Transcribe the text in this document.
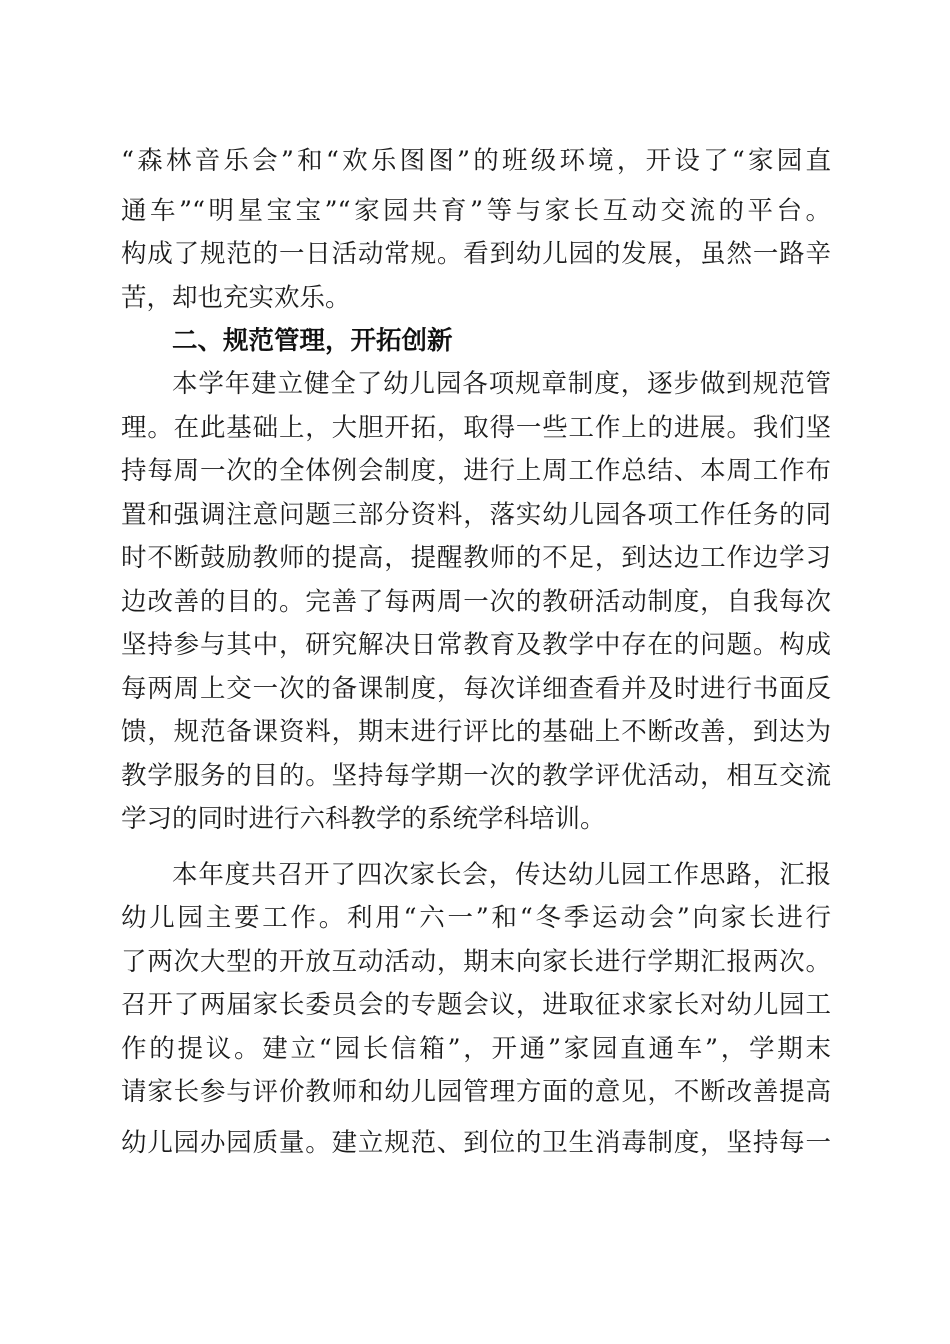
“森林音乐会”和“欢乐图图”的班级环境，开设了“家园直
通车”“明星宝宝”“家园共育”等与家长互动交流的平台。
构成了规范的一日活动常规。看到幼儿园的发展，虽然一路辛
苦，却也充实欢乐。
二、规范管理，开拓创新
本学年建立健全了幼儿园各项规章制度，逐步做到规范管
理。在此基础上，大胆开拓，取得一些工作上的进展。我们坚
持每周一次的全体例会制度，进行上周工作总结、本周工作布
置和强调注意问题三部分资料，落实幼儿园各项工作任务的同
时不断鼓励教师的提高，提醒教师的不足，到达边工作边学习
边改善的目的。完善了每两周一次的教研活动制度，自我每次
坚持参与其中，研究解决日常教育及教学中存在的问题。构成
每两周上交一次的备课制度，每次详细查看并及时进行书面反
馈，规范备课资料，期末进行评比的基础上不断改善，到达为
教学服务的目的。坚持每学期一次的教学评优活动，相互交流
学习的同时进行六科教学的系统学科培训。
本年度共召开了四次家长会，传达幼儿园工作思路，汇报
幼儿园主要工作。利用“六一”和“冬季运动会”向家长进行
了两次大型的开放互动活动，期末向家长进行学期汇报两次。
召开了两届家长委员会的专题会议，进取征求家长对幼儿园工
作的提议。建立“园长信箱”，开通”家园直通车”，学期末
请家长参与评价教师和幼儿园管理方面的意见，不断改善提高
幼儿园办园质量。建立规范、到位的卫生消毒制度，坚持每一
